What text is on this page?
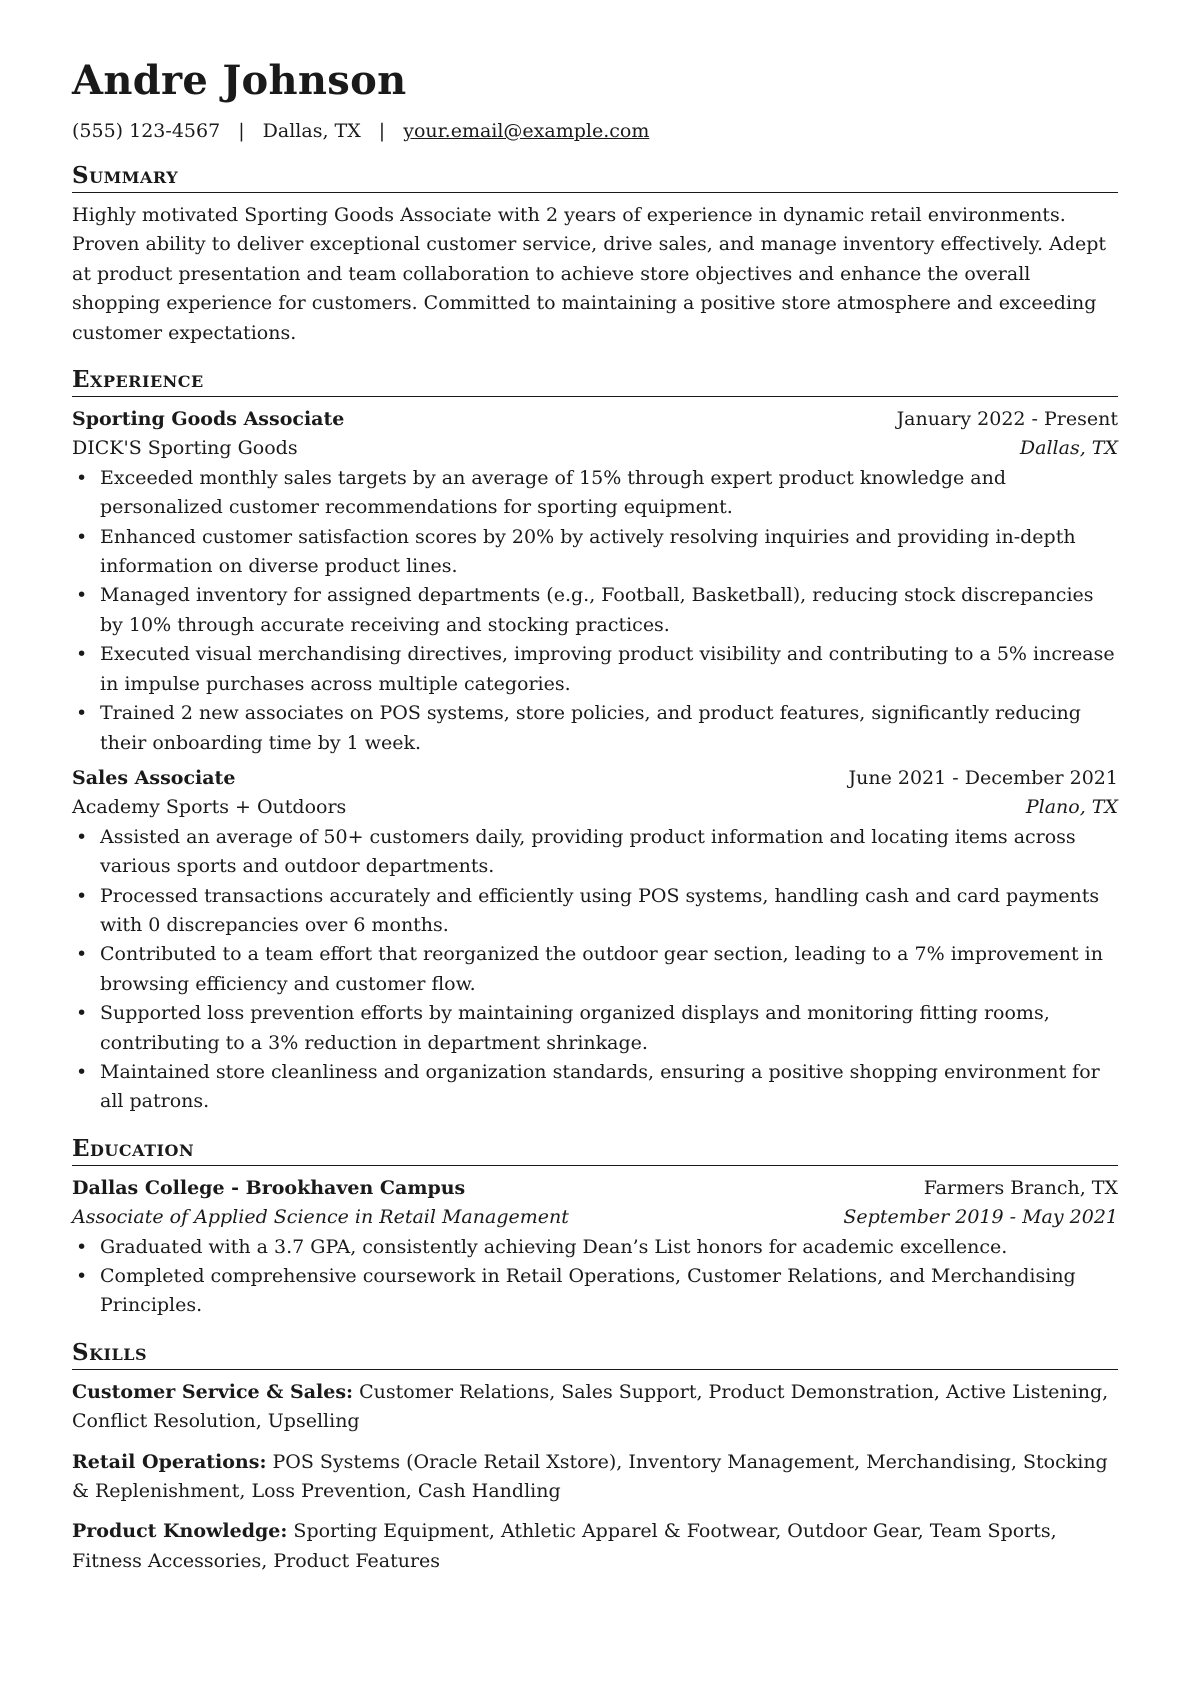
Andre Johnson
(555) 123-4567 | Dallas, TX | your.email@example.com
Summary

Highly motivated Sporting Goods Associate with 2 years of experience in dynamic retail environments. Proven ability to deliver exceptional customer service, drive sales, and manage inventory effectively. Adept at product presentation and team collaboration to achieve store objectives and enhance the overall shopping experience for customers. Committed to maintaining a positive store atmosphere and exceeding customer expectations.

Experience
Sporting Goods Associate	January 2022 - Present
DICK'S Sporting Goods	Dallas, TX
• Exceeded monthly sales targets by an average of 15% through expert product knowledge and personalized customer recommendations for sporting equipment.
• Enhanced customer satisfaction scores by 20% by actively resolving inquiries and providing in-depth information on diverse product lines.
• Managed inventory for assigned departments (e.g., Football, Basketball), reducing stock discrepancies by 10% through accurate receiving and stocking practices.
• Executed visual merchandising directives, improving product visibility and contributing to a 5% increase in impulse purchases across multiple categories.
• Trained 2 new associates on POS systems, store policies, and product features, significantly reducing their onboarding time by 1 week.
Sales Associate	June 2021 - December 2021
Academy Sports + Outdoors	Plano, TX
• Assisted an average of 50+ customers daily, providing product information and locating items across various sports and outdoor departments.
• Processed transactions accurately and efficiently using POS systems, handling cash and card payments with 0 discrepancies over 6 months.
• Contributed to a team effort that reorganized the outdoor gear section, leading to a 7% improvement in browsing efficiency and customer flow.
• Supported loss prevention efforts by maintaining organized displays and monitoring fitting rooms, contributing to a 3% reduction in department shrinkage.
• Maintained store cleanliness and organization standards, ensuring a positive shopping environment for all patrons.
Education
Dallas College - Brookhaven Campus	Farmers Branch, TX
Associate of Applied Science in Retail Management	September 2019 - May 2021
• Graduated with a 3.7 GPA, consistently achieving Dean’s List honors for academic excellence.
• Completed comprehensive coursework in Retail Operations, Customer Relations, and Merchandising Principles.
Skills

Customer Service & Sales: Customer Relations, Sales Support, Product Demonstration, Active Listening, Conflict Resolution, Upselling

Retail Operations: POS Systems (Oracle Retail Xstore), Inventory Management, Merchandising, Stocking & Replenishment, Loss Prevention, Cash Handling

Product Knowledge: Sporting Equipment, Athletic Apparel & Footwear, Outdoor Gear, Team Sports, Fitness Accessories, Product Features
